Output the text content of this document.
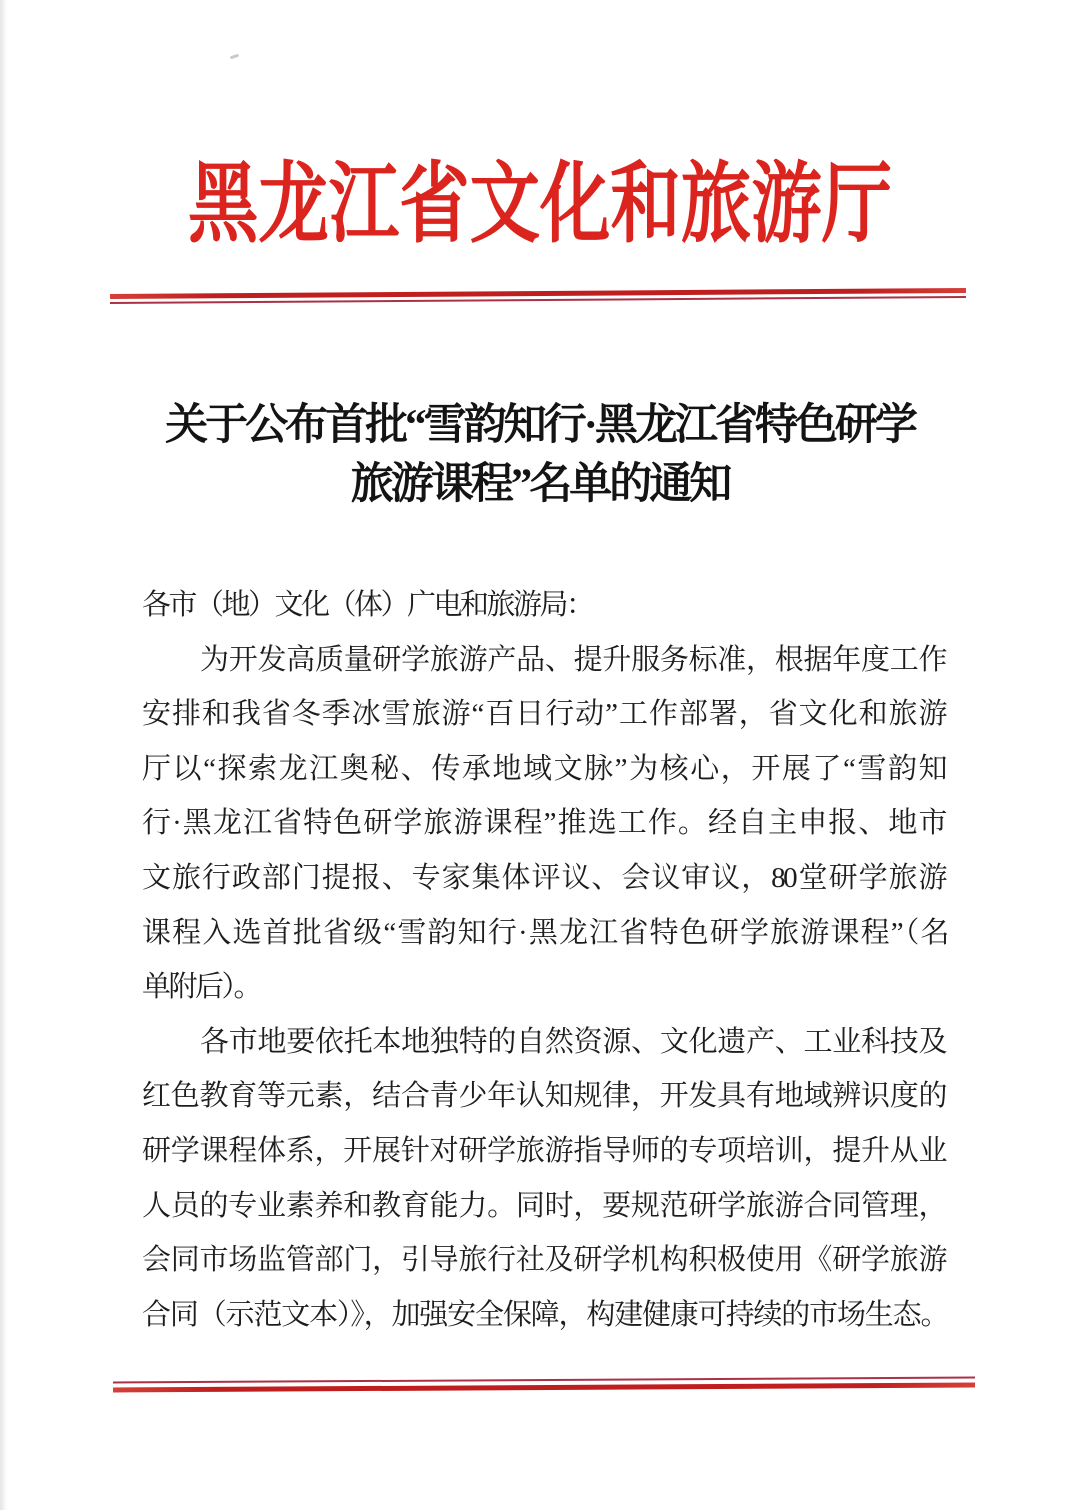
黑龙江省文化和旅游厅
关于公布首批“雪韵知行·黑龙江省特色研学
旅游课程”名单的通知
各市（地）文化（体）广电和旅游局：
为开发高质量研学旅游产品、提升服务标准，根据年度工作
安排和我省冬季冰雪旅游“百日行动”工作部署，省文化和旅游
厅以“探索龙江奥秘、传承地域文脉”为核心，开展了“雪韵知
行·黑龙江省特色研学旅游课程”推选工作。经自主申报、地市
文旅行政部门提报、专家集体评议、会议审议，80堂研学旅游
课程入选首批省级“雪韵知行·黑龙江省特色研学旅游课程”（名
单附后）。
各市地要依托本地独特的自然资源、文化遗产、工业科技及
红色教育等元素，结合青少年认知规律，开发具有地域辨识度的
研学课程体系，开展针对研学旅游指导师的专项培训，提升从业
人员的专业素养和教育能力。同时，要规范研学旅游合同管理，
会同市场监管部门，引导旅行社及研学机构积极使用《研学旅游
合同（示范文本）》，加强安全保障，构建健康可持续的市场生态。
